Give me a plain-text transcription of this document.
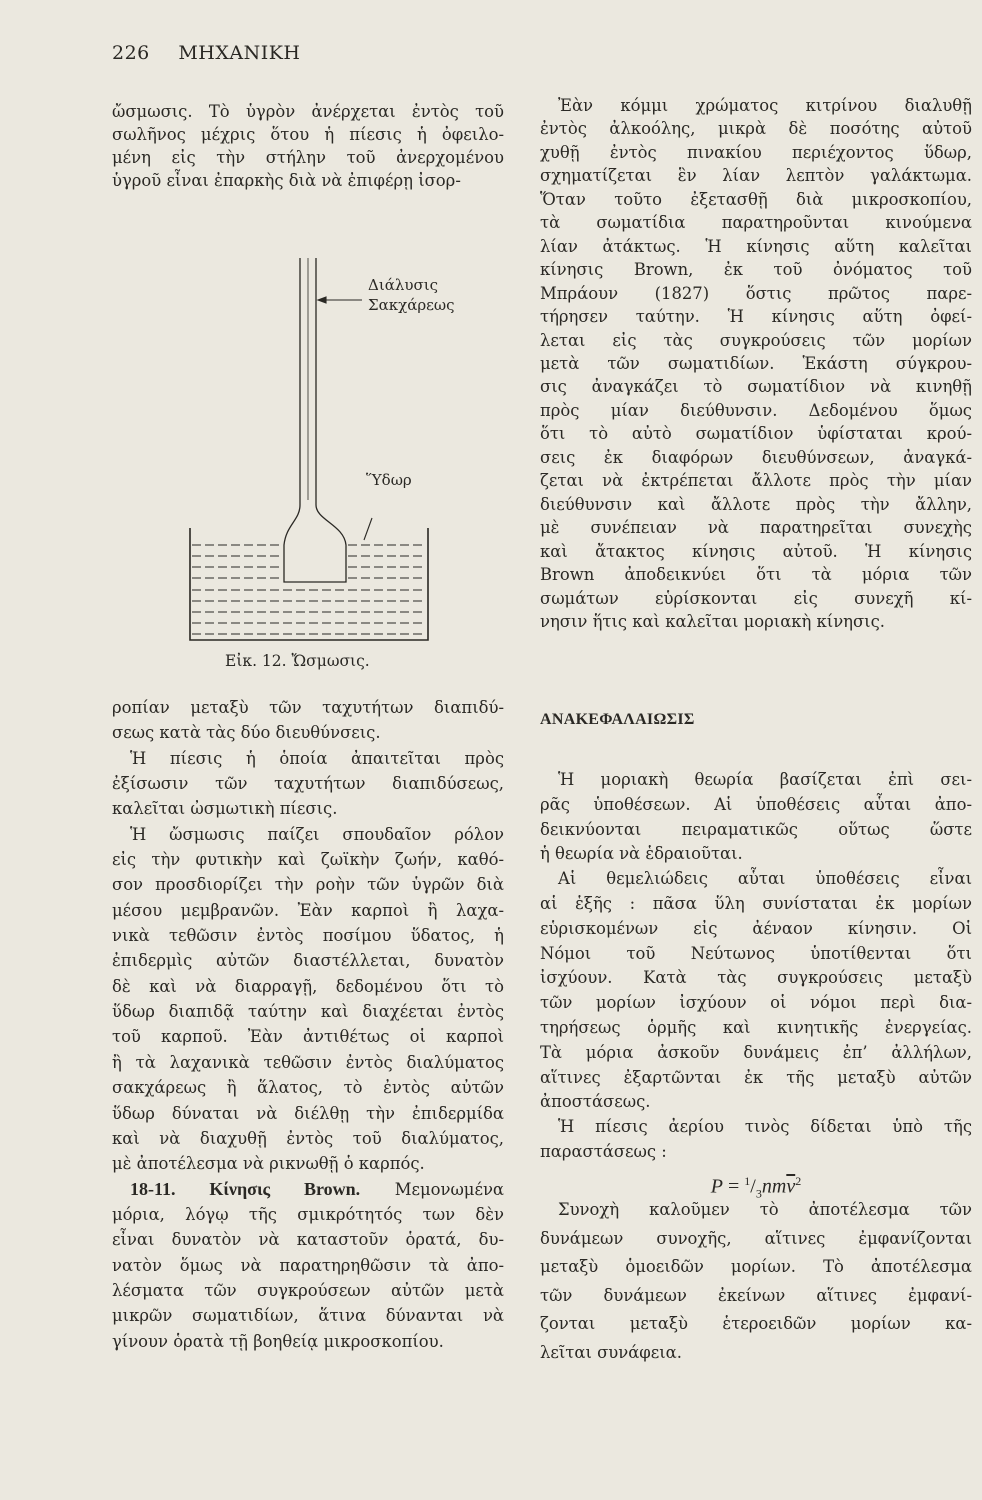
226 ΜΗΧΑΝΙΚΗ
ὤσμωσις. Τὸ ὑγρὸν ἀνέρχεται ἐντὸς τοῦ
σωλῆνος μέχρις ὅτου ἡ πίεσις ἡ ὀφειλο-
μένη εἰς τὴν στήλην τοῦ ἀνερχομένου
ὑγροῦ εἶναι ἐπαρκὴς διὰ νὰ ἐπιφέρῃ ἰσορ-
Διάλυσις
Σακχάρεως
Ὕδωρ
Εἰκ. 12. Ὤσμωσις.
ροπίαν μεταξὺ τῶν ταχυτήτων διαπιδύ-
σεως κατὰ τὰς δύο διευθύνσεις.
Ἡ πίεσις ἡ ὁποία ἀπαιτεῖται πρὸς
ἐξίσωσιν τῶν ταχυτήτων διαπιδύσεως,
καλεῖται ὠσμωτικὴ πίεσις.
Ἡ ὤσμωσις παίζει σπουδαῖον ρόλον
εἰς τὴν φυτικὴν καὶ ζωϊκὴν ζωήν, καθό-
σον προσδιορίζει τὴν ροὴν τῶν ὑγρῶν διὰ
μέσου μεμβρανῶν. Ἐὰν καρποὶ ἢ λαχα-
νικὰ τεθῶσιν ἐντὸς ποσίμου ὕδατος, ἡ
ἐπιδερμὶς αὐτῶν διαστέλλεται, δυνατὸν
δὲ καὶ νὰ διαρραγῇ, δεδομένου ὅτι τὸ
ὕδωρ διαπιδᾷ ταύτην καὶ διαχέεται ἐντὸς
τοῦ καρποῦ. Ἐὰν ἀντιθέτως οἱ καρποὶ
ἢ τὰ λαχανικὰ τεθῶσιν ἐντὸς διαλύματος
σακχάρεως ἢ ἅλατος, τὸ ἐντὸς αὐτῶν
ὕδωρ δύναται νὰ διέλθῃ τὴν ἐπιδερμίδα
καὶ νὰ διαχυθῇ ἐντὸς τοῦ διαλύματος,
μὲ ἀποτέλεσμα νὰ ρικνωθῇ ὁ καρπός.
18-11. Κίνησις Brown. Μεμονωμένα
μόρια, λόγῳ τῆς σμικρότητός των δὲν
εἶναι δυνατὸν νὰ καταστοῦν ὁρατά, δυ-
νατὸν ὅμως νὰ παρατηρηθῶσιν τὰ ἀπο-
λέσματα τῶν συγκρούσεων αὐτῶν μετὰ
μικρῶν σωματιδίων, ἅτινα δύνανται νὰ
γίνουν ὁρατὰ τῇ βοηθείᾳ μικροσκοπίου.
Ἐὰν κόμμι χρώματος κιτρίνου διαλυθῇ
ἐντὸς ἀλκοόλης, μικρὰ δὲ ποσότης αὐτοῦ
χυθῇ ἐντὸς πινακίου περιέχοντος ὕδωρ,
σχηματίζεται ἓν λίαν λεπτὸν γαλάκτωμα.
Ὅταν τοῦτο ἐξετασθῇ διὰ μικροσκοπίου,
τὰ σωματίδια παρατηροῦνται κινούμενα
λίαν ἀτάκτως. Ἡ κίνησις αὕτη καλεῖται
κίνησις Brown, ἐκ τοῦ ὀνόματος τοῦ
Μπράουν (1827) ὅστις πρῶτος παρε-
τήρησεν ταύτην. Ἡ κίνησις αὕτη ὀφεί-
λεται εἰς τὰς συγκρούσεις τῶν μορίων
μετὰ τῶν σωματιδίων. Ἑκάστη σύγκρου-
σις ἀναγκάζει τὸ σωματίδιον νὰ κινηθῇ
πρὸς μίαν διεύθυνσιν. Δεδομένου ὅμως
ὅτι τὸ αὐτὸ σωματίδιον ὑφίσταται κρού-
σεις ἐκ διαφόρων διευθύνσεων, ἀναγκά-
ζεται νὰ ἐκτρέπεται ἄλλοτε πρὸς τὴν μίαν
διεύθυνσιν καὶ ἄλλοτε πρὸς τὴν ἄλλην,
μὲ συνέπειαν νὰ παρατηρεῖται συνεχὴς
καὶ ἄτακτος κίνησις αὐτοῦ. Ἡ κίνησις
Brown ἀποδεικνύει ὅτι τὰ μόρια τῶν
σωμάτων εὑρίσκονται εἰς συνεχῆ κί-
νησιν ἥτις καὶ καλεῖται μοριακὴ κίνησις.
ΑΝΑΚΕΦΑΛΑΙΩΣΙΣ
Ἡ μοριακὴ θεωρία βασίζεται ἐπὶ σει-
ρᾶς ὑποθέσεων. Αἱ ὑποθέσεις αὗται ἀπο-
δεικνύονται πειραματικῶς οὕτως ὥστε
ἡ θεωρία νὰ ἑδραιοῦται.
Αἱ θεμελιώδεις αὗται ὑποθέσεις εἶναι
αἱ ἑξῆς : πᾶσα ὕλη συνίσταται ἐκ μορίων
εὑρισκομένων εἰς ἀέναον κίνησιν. Οἱ
Νόμοι τοῦ Νεύτωνος ὑποτίθενται ὅτι
ἰσχύουν. Κατὰ τὰς συγκρούσεις μεταξὺ
τῶν μορίων ἰσχύουν οἱ νόμοι περὶ δια-
τηρήσεως ὁρμῆς καὶ κινητικῆς ἐνεργείας.
Τὰ μόρια ἀσκοῦν δυνάμεις ἐπ’ ἀλλήλων,
αἵτινες ἐξαρτῶνται ἐκ τῆς μεταξὺ αὐτῶν
ἀποστάσεως.
Ἡ πίεσις ἀερίου τινὸς δίδεται ὑπὸ τῆς
παραστάσεως :
$P = ^1/_3nm\overline{v}^2$
Συνοχὴ καλοῦμεν τὸ ἀποτέλεσμα τῶν
δυνάμεων συνοχῆς, αἵτινες ἐμφανίζονται
μεταξὺ ὁμοειδῶν μορίων. Τὸ ἀποτέλεσμα
τῶν δυνάμεων ἐκείνων αἵτινες ἐμφανί-
ζονται μεταξὺ ἑτεροειδῶν μορίων κα-
λεῖται συνάφεια.
